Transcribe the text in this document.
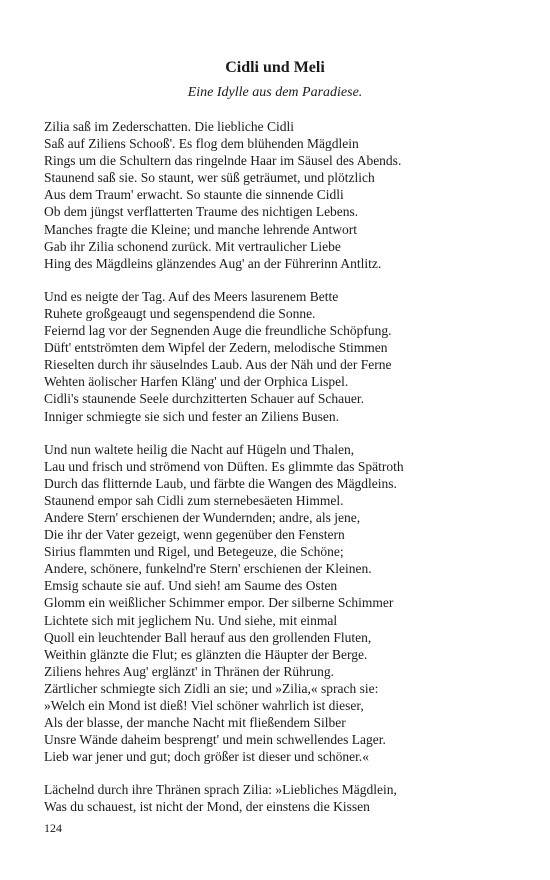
Cidli und Meli

Eine Idylle aus dem Paradiese.

Zilia saß im Zederschatten. Die liebliche Cidli
Saß auf Ziliens Schooß'. Es flog dem blühenden Mägdlein
Rings um die Schultern das ringelnde Haar im Säusel des Abends.
Staunend saß sie. So staunt, wer süß geträumet, und plötzlich
Aus dem Traum' erwacht. So staunte die sinnende Cidli
Ob dem jüngst verflatterten Traume des nichtigen Lebens.
Manches fragte die Kleine; und manche lehrende Antwort
Gab ihr Zilia schonend zurück. Mit vertraulicher Liebe
Hing des Mägdleins glänzendes Aug' an der Führerinn Antlitz.
Und es neigte der Tag. Auf des Meers lasurenem Bette
Ruhete großgeaugt und segenspendend die Sonne.
Feiernd lag vor der Segnenden Auge die freundliche Schöpfung.
Düft' entströmten dem Wipfel der Zedern, melodische Stimmen
Rieselten durch ihr säuselndes Laub. Aus der Näh und der Ferne
Wehten äolischer Harfen Kläng' und der Orphica Lispel.
Cidli's staunende Seele durchzitterten Schauer auf Schauer.
Inniger schmiegte sie sich und fester an Ziliens Busen.
Und nun waltete heilig die Nacht auf Hügeln und Thalen,
Lau und frisch und strömend von Düften. Es glimmte das Spätroth
Durch das flitternde Laub, und färbte die Wangen des Mägdleins.
Staunend empor sah Cidli zum sternebesäeten Himmel.
Andere Stern' erschienen der Wundernden; andre, als jene,
Die ihr der Vater gezeigt, wenn gegenüber den Fenstern
Sirius flammten und Rigel, und Betegeuze, die Schöne;
Andere, schönere, funkelnd're Stern' erschienen der Kleinen.
Emsig schaute sie auf. Und sieh! am Saume des Osten
Glomm ein weißlicher Schimmer empor. Der silberne Schimmer
Lichtete sich mit jeglichem Nu. Und siehe, mit einmal
Quoll ein leuchtender Ball herauf aus den grollenden Fluten,
Weithin glänzte die Flut; es glänzten die Häupter der Berge.
Ziliens hehres Aug' erglänzt' in Thränen der Rührung.
Zärtlicher schmiegte sich Zidli an sie; und »Zilia,« sprach sie:
»Welch ein Mond ist dieß! Viel schöner wahrlich ist dieser,
Als der blasse, der manche Nacht mit fließendem Silber
Unsre Wände daheim besprengt' und mein schwellendes Lager.
Lieb war jener und gut; doch größer ist dieser und schöner.«
Lächelnd durch ihre Thränen sprach Zilia: »Liebliches Mägdlein,
Was du schauest, ist nicht der Mond, der einstens die Kissen
124
